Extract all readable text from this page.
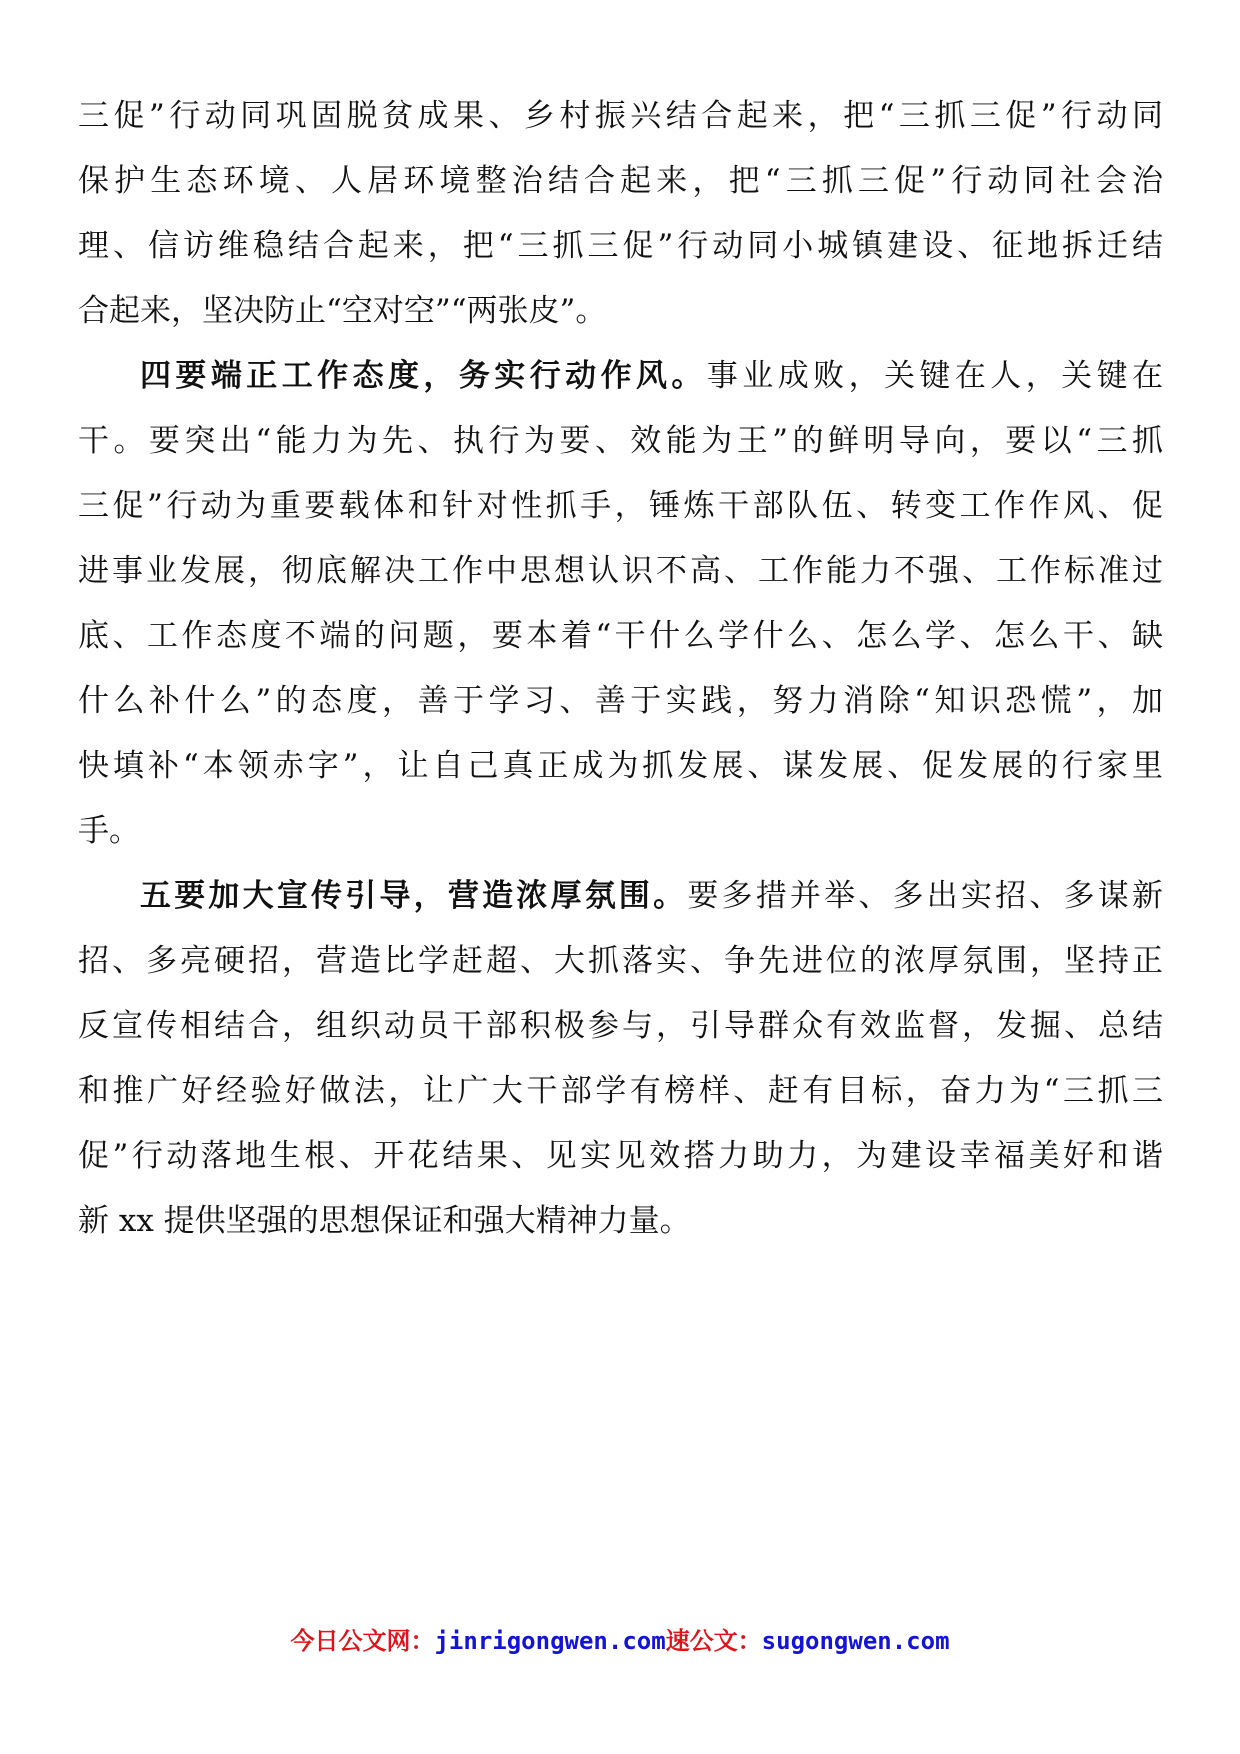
三促”行动同巩固脱贫成果、乡村振兴结合起来，把“三抓三促”行动同
保护生态环境、人居环境整治结合起来，把“三抓三促”行动同社会治
理、信访维稳结合起来，把“三抓三促”行动同小城镇建设、征地拆迁结
合起来，坚决防止“空对空”“两张皮”。
四要端正工作态度，务实行动作风。事业成败，关键在人，关键在
干。要突出“能力为先、执行为要、效能为王”的鲜明导向，要以“三抓
三促”行动为重要载体和针对性抓手，锤炼干部队伍、转变工作作风、促
进事业发展，彻底解决工作中思想认识不高、工作能力不强、工作标准过
底、工作态度不端的问题，要本着“干什么学什么、怎么学、怎么干、缺
什么补什么”的态度，善于学习、善于实践，努力消除“知识恐慌”，加
快填补“本领赤字”，让自己真正成为抓发展、谋发展、促发展的行家里
手。
五要加大宣传引导，营造浓厚氛围。要多措并举、多出实招、多谋新
招、多亮硬招，营造比学赶超、大抓落实、争先进位的浓厚氛围，坚持正
反宣传相结合，组织动员干部积极参与，引导群众有效监督，发掘、总结
和推广好经验好做法，让广大干部学有榜样、赶有目标，奋力为“三抓三
促”行动落地生根、开花结果、见实见效搭力助力，为建设幸福美好和谐
新 xx 提供坚强的思想保证和强大精神力量。
今日公文网：jinrigongwen.com速公文：sugongwen.com
